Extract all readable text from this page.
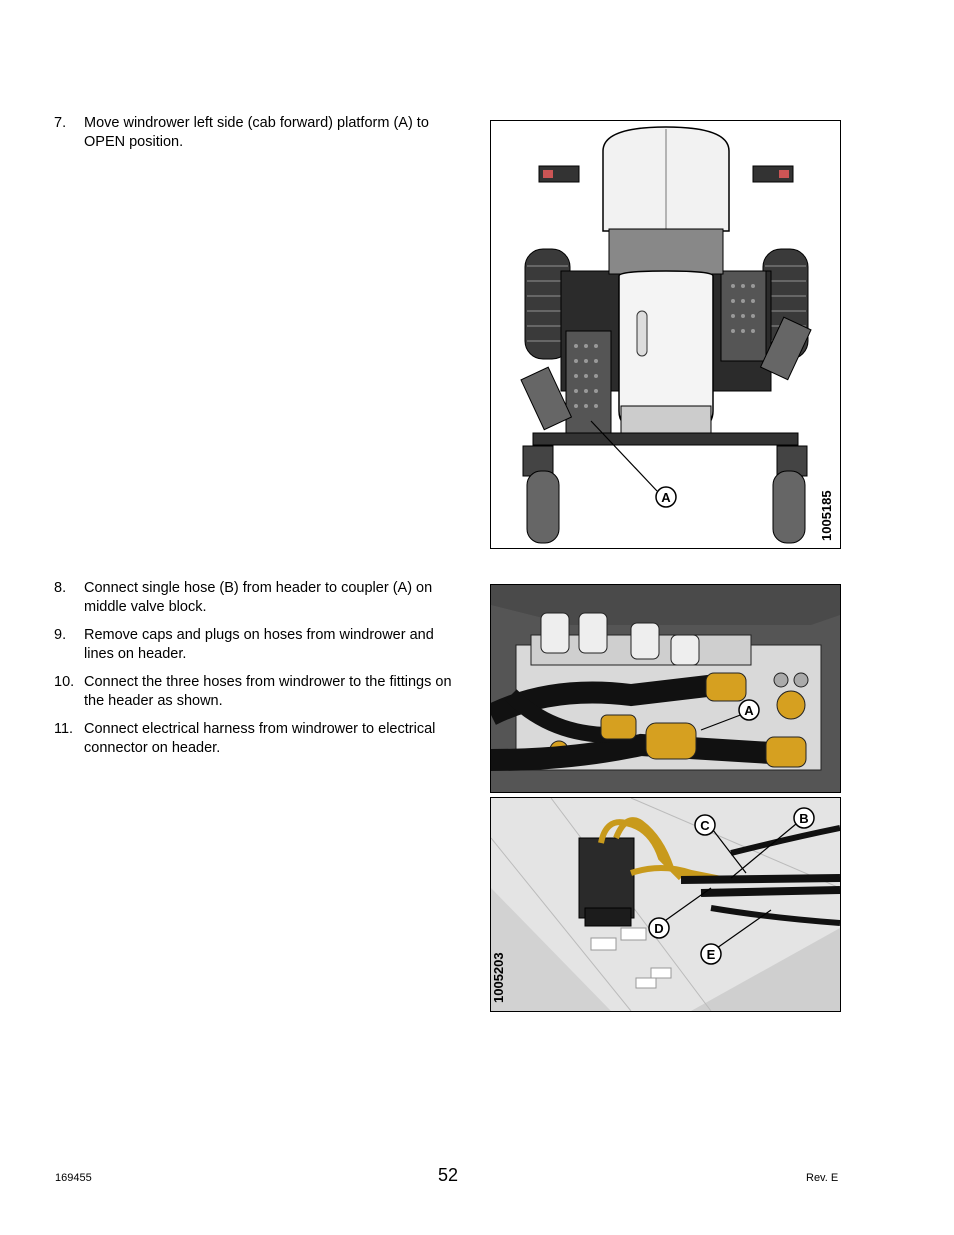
7. Move windrower left side (cab forward) platform (A) to OPEN position.
8. Connect single hose (B) from header to coupler (A) on middle valve block.
9. Remove caps and plugs on hoses from windrower and lines on header.
10. Connect the three hoses from windrower to the fittings on the header as shown.
11. Connect electrical harness from windrower to electrical connector on header.
A	1005185
A
B
C
D
E
1005203
169455	52	Rev. E
